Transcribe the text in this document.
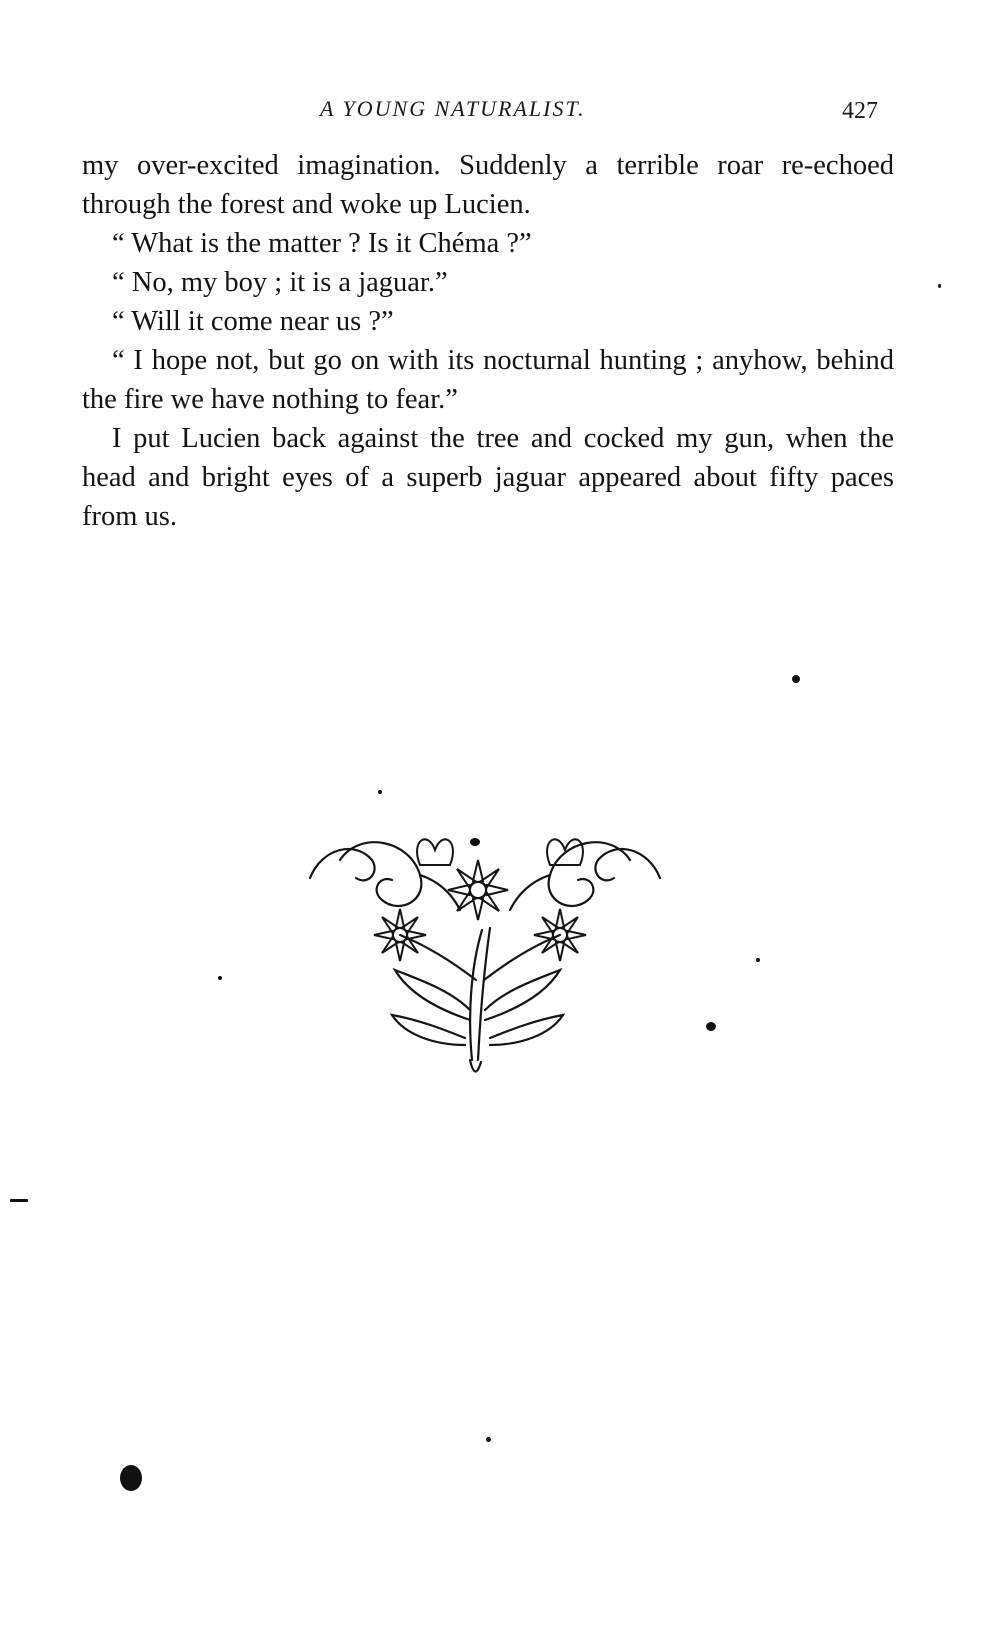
A YOUNG NATURALIST.	427

my over-excited imagination. Suddenly a terrible roar re-echoed through the forest and woke up Lucien.

“ What is the matter ? Is it Chéma ?”

“ No, my boy ; it is a jaguar.”

“ Will it come near us ?”

“ I hope not, but go on with its nocturnal hunting ; anyhow, behind the fire we have nothing to fear.”

I put Lucien back against the tree and cocked my gun, when the head and bright eyes of a superb jaguar appeared about fifty paces from us.
